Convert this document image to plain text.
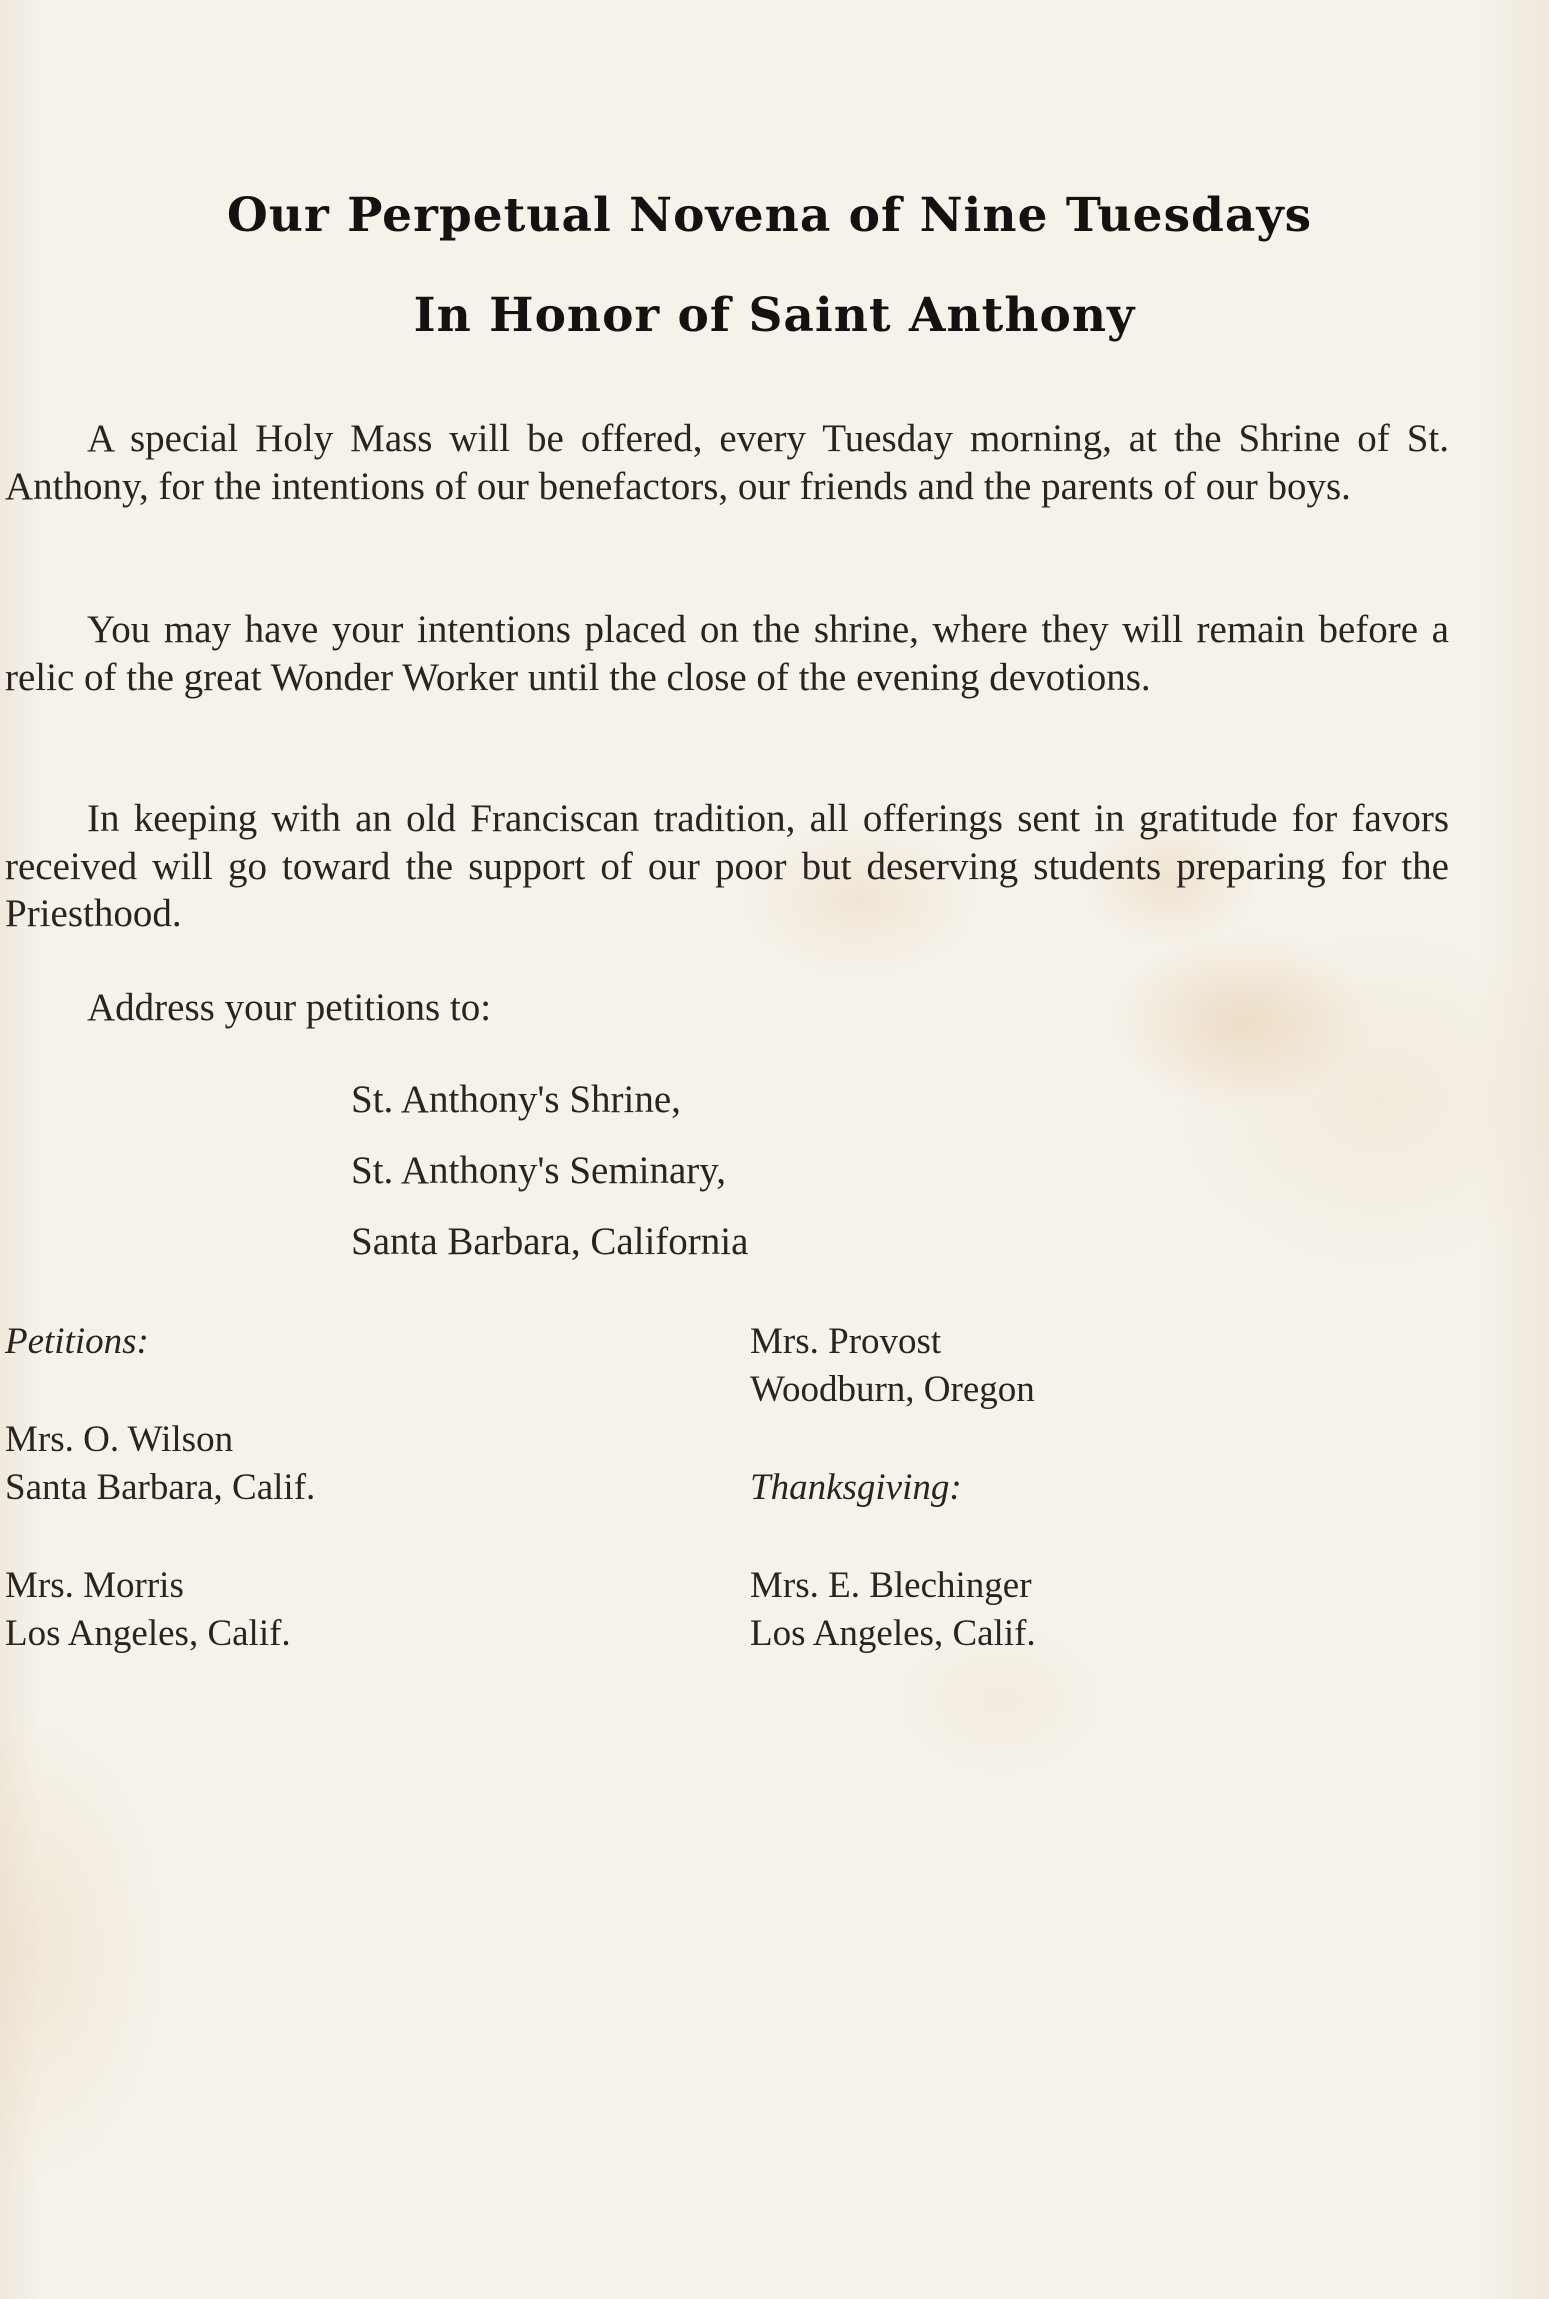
Our Perpetual Novena of Nine Tuesdays
In Honor of Saint Anthony

A special Holy Mass will be offered, every Tuesday morning, at the Shrine of St. Anthony, for the intentions of our benefactors, our friends and the parents of our boys.

You may have your intentions placed on the shrine, where they will remain before a relic of the great Wonder Worker until the close of the evening devotions.

In keeping with an old Franciscan tradition, all offerings sent in gratitude for favors received will go toward the support of our poor but deserving students preparing for the Priesthood.

Address your petitions to:

St. Anthony's Shrine,

St. Anthony's Seminary,

Santa Barbara, California

Petitions:

Mrs. O. Wilson
Santa Barbara, Calif.
Mrs. Morris
Los Angeles, Calif.
Mrs. Provost
Woodburn, Oregon

Thanksgiving:

Mrs. E. Blechinger
Los Angeles, Calif.
